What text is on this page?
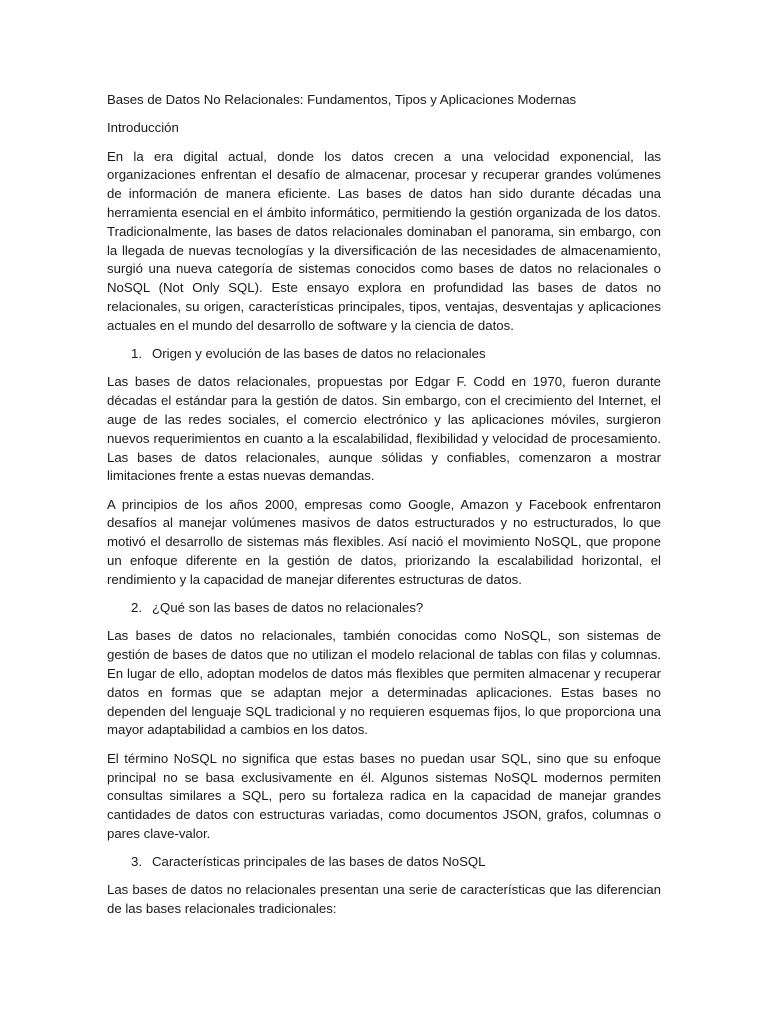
Bases de Datos No Relacionales: Fundamentos, Tipos y Aplicaciones Modernas

Introducción

En la era digital actual, donde los datos crecen a una velocidad exponencial, las organizaciones enfrentan el desafío de almacenar, procesar y recuperar grandes volúmenes de información de manera eficiente. Las bases de datos han sido durante décadas una herramienta esencial en el ámbito informático, permitiendo la gestión organizada de los datos. Tradicionalmente, las bases de datos relacionales dominaban el panorama, sin embargo, con la llegada de nuevas tecnologías y la diversificación de las necesidades de almacenamiento, surgió una nueva categoría de sistemas conocidos como bases de datos no relacionales o NoSQL (Not Only SQL). Este ensayo explora en profundidad las bases de datos no relacionales, su origen, características principales, tipos, ventajas, desventajas y aplicaciones actuales en el mundo del desarrollo de software y la ciencia de datos.

1. Origen y evolución de las bases de datos no relacionales

Las bases de datos relacionales, propuestas por Edgar F. Codd en 1970, fueron durante décadas el estándar para la gestión de datos. Sin embargo, con el crecimiento del Internet, el auge de las redes sociales, el comercio electrónico y las aplicaciones móviles, surgieron nuevos requerimientos en cuanto a la escalabilidad, flexibilidad y velocidad de procesamiento. Las bases de datos relacionales, aunque sólidas y confiables, comenzaron a mostrar limitaciones frente a estas nuevas demandas.

A principios de los años 2000, empresas como Google, Amazon y Facebook enfrentaron desafíos al manejar volúmenes masivos de datos estructurados y no estructurados, lo que motivó el desarrollo de sistemas más flexibles. Así nació el movimiento NoSQL, que propone un enfoque diferente en la gestión de datos, priorizando la escalabilidad horizontal, el rendimiento y la capacidad de manejar diferentes estructuras de datos.

2. ¿Qué son las bases de datos no relacionales?

Las bases de datos no relacionales, también conocidas como NoSQL, son sistemas de gestión de bases de datos que no utilizan el modelo relacional de tablas con filas y columnas. En lugar de ello, adoptan modelos de datos más flexibles que permiten almacenar y recuperar datos en formas que se adaptan mejor a determinadas aplicaciones. Estas bases no dependen del lenguaje SQL tradicional y no requieren esquemas fijos, lo que proporciona una mayor adaptabilidad a cambios en los datos.

El término NoSQL no significa que estas bases no puedan usar SQL, sino que su enfoque principal no se basa exclusivamente en él. Algunos sistemas NoSQL modernos permiten consultas similares a SQL, pero su fortaleza radica en la capacidad de manejar grandes cantidades de datos con estructuras variadas, como documentos JSON, grafos, columnas o pares clave-valor.

3. Características principales de las bases de datos NoSQL

Las bases de datos no relacionales presentan una serie de características que las diferencian de las bases relacionales tradicionales:
